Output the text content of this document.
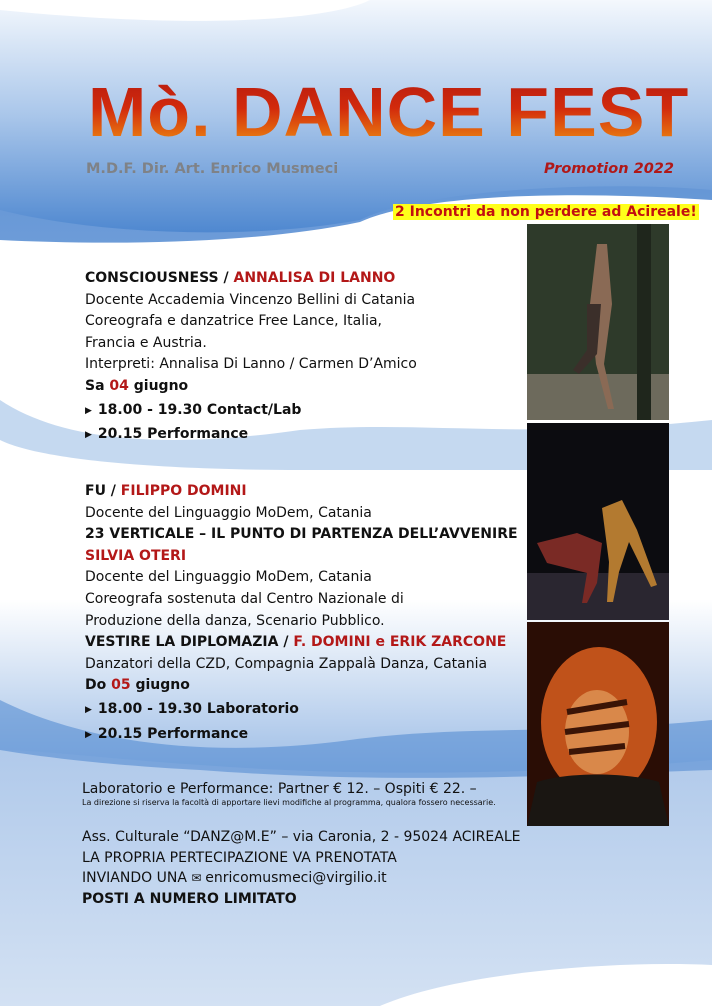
Mò. DANCE FEST
M.D.F. Dir. Art. Enrico Musmeci	Promotion 2022
2 Incontri da non perdere ad Acireale!
CONSCIOUSNESS / ANNALISA DI LANNO
Docente Accademia Vincenzo Bellini di Catania
Coreografa e danzatrice Free Lance, Italia,
Francia e Austria.
Interpreti: Annalisa Di Lanno / Carmen D’Amico
Sa 04 giugno
▶ 18.00 - 19.30 Contact/Lab
▶ 20.15 Performance
FU / FILIPPO DOMINI
Docente del Linguaggio MoDem, Catania
23 VERTICALE – IL PUNTO DI PARTENZA DELL’AVVENIRE
SILVIA OTERI
Docente del Linguaggio MoDem, Catania
Coreografa sostenuta dal Centro Nazionale di
Produzione della danza, Scenario Pubblico.
VESTIRE LA DIPLOMAZIA / F. DOMINI e ERIK ZARCONE
Danzatori della CZD, Compagnia Zappalà Danza, Catania
Do 05 giugno
▶ 18.00 - 19.30 Laboratorio
▶ 20.15 Performance
Laboratorio e Performance: Partner € 12. – Ospiti € 22. –
La direzione si riserva la facoltà di apportare lievi modifiche al programma, qualora fossero necessarie.
Ass. Culturale “DANZ@M.E” – via Caronia, 2 - 95024 ACIREALE
LA PROPRIA PERTECIPAZIONE VA PRENOTATA
INVIANDO UNA ✉ enricomusmeci@virgilio.it
POSTI A NUMERO LIMITATO
